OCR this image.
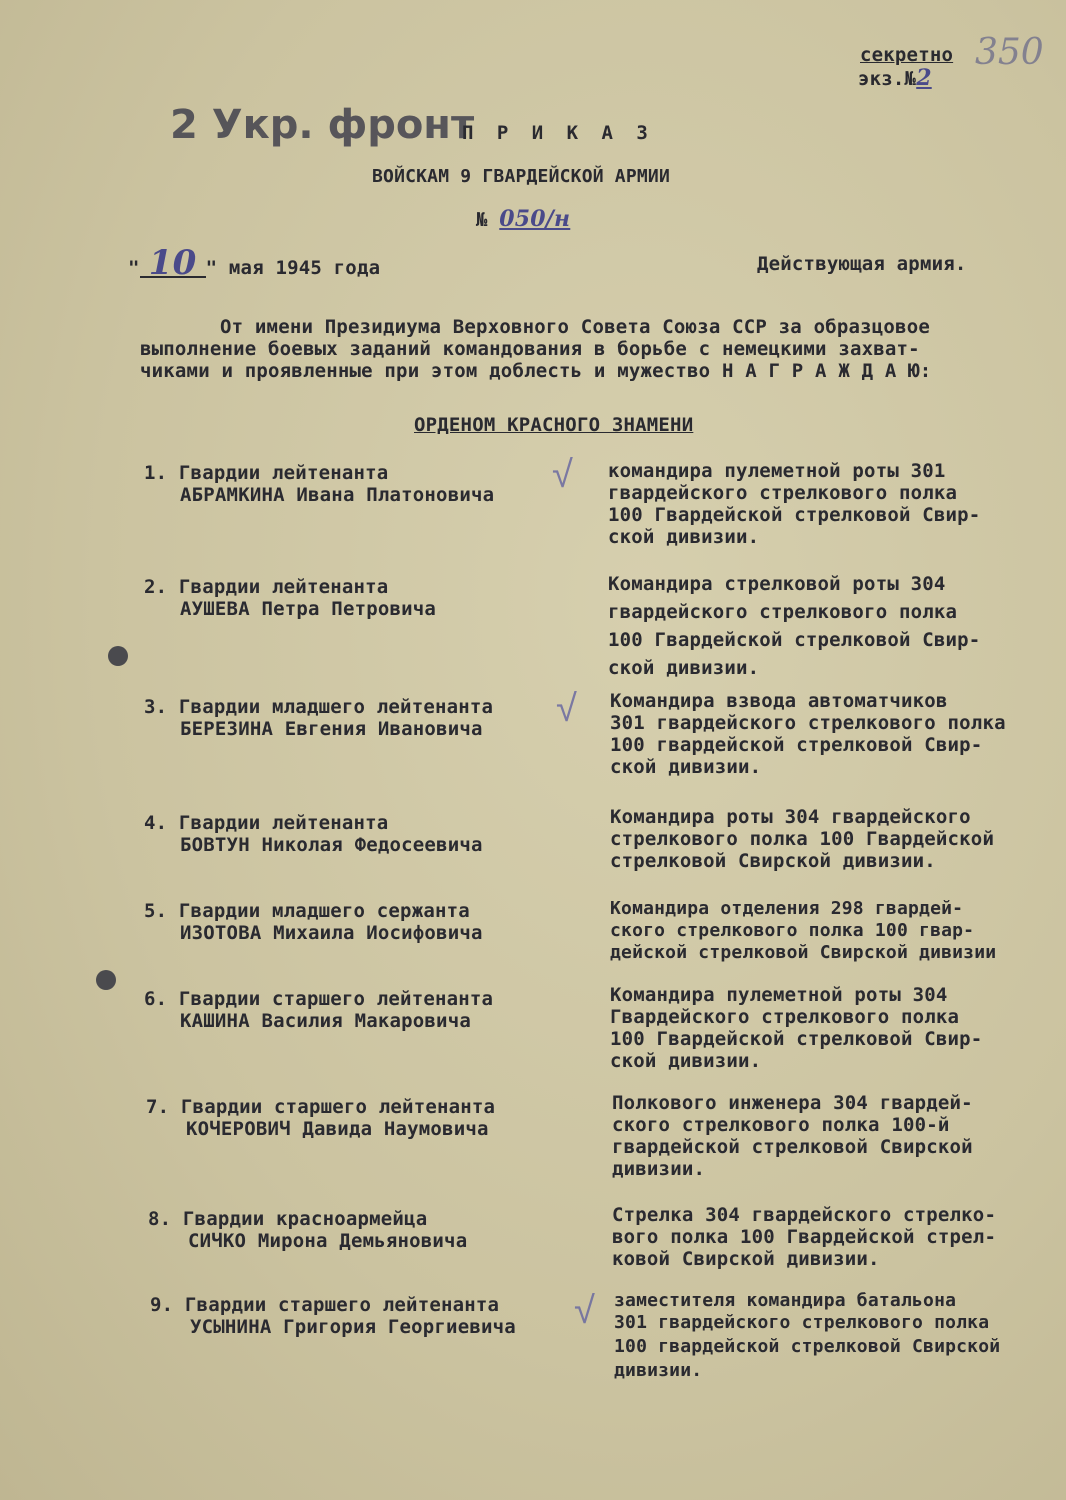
секретно
экз.№2
350
2 Укр. фронт
П Р И К А З
ВОЙСКАМ 9 ГВАРДЕЙСКОЙ АРМИИ
№ 050/н
" 10 " мая 1945 года	Действующая армия.
От имени Президиума Верховного Совета Союза ССР за образцовое
выполнение боевых заданий командования в борьбе с немецкими захват-
чиками и проявленные при этом доблесть и мужество Н А Г Р А Ж Д А Ю:
ОРДЕНОМ КРАСНОГО ЗНАМЕНИ
√
√
√
1. Гвардии лейтенанта
АБРАМКИНА Ивана Платоновича
командира пулеметной роты 301
гвардейского стрелкового полка
100 Гвардейской стрелковой Свир-
ской дивизии.
2. Гвардии лейтенанта
АУШЕВА Петра Петровича
Командира стрелковой роты 304
гвардейского стрелкового полка
100 Гвардейской стрелковой Свир-
ской дивизии.
3. Гвардии младшего лейтенанта
БЕРЕЗИНА Евгения Ивановича
Командира взвода автоматчиков
301 гвардейского стрелкового полка
100 гвардейской стрелковой Свир-
ской дивизии.
4. Гвардии лейтенанта
БОВТУН Николая Федосеевича
Командира роты 304 гвардейского
стрелкового полка 100 Гвардейской
стрелковой Свирской дивизии.
5. Гвардии младшего сержанта
ИЗОТОВА Михаила Иосифовича
Командира отделения 298 гвардей-
ского стрелкового полка 100 гвар-
дейской стрелковой Свирской дивизии
6. Гвардии старшего лейтенанта
КАШИНА Василия Макаровича
Командира пулеметной роты 304
Гвардейского стрелкового полка
100 Гвардейской стрелковой Свир-
ской дивизии.
7. Гвардии старшего лейтенанта
КОЧЕРОВИЧ Давида Наумовича
Полкового инженера 304 гвардей-
ского стрелкового полка 100-й
гвардейской стрелковой Свирской
дивизии.
8. Гвардии красноармейца
СИЧКО Мирона Демьяновича
Стрелка 304 гвардейского стрелко-
вого полка 100 Гвардейской стрел-
ковой Свирской дивизии.
9. Гвардии старшего лейтенанта
УСЫНИНА Григория Георгиевича
заместителя командира батальона
301 гвардейского стрелкового полка
100 гвардейской стрелковой Свирской
дивизии.
